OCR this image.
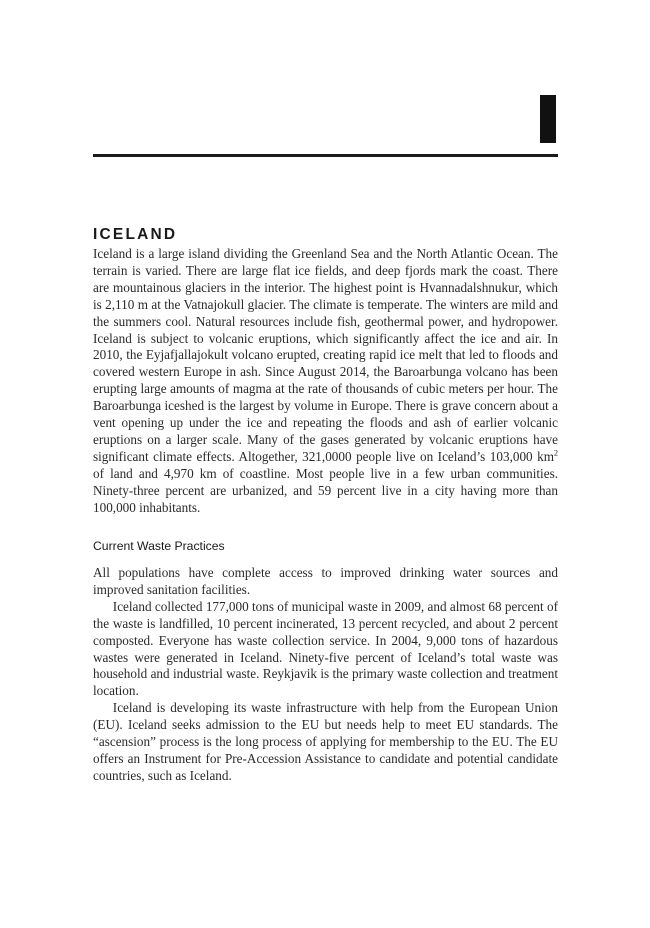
ICELAND

Iceland is a large island dividing the Greenland Sea and the North Atlantic Ocean. The terrain is varied. There are large flat ice fields, and deep fjords mark the coast. There are mountainous glaciers in the interior. The highest point is Hvannadalshnukur, which is 2,110 m at the Vatnajokull glacier. The climate is temperate. The winters are mild and the summers cool. Natural resources include fish, geothermal power, and hydropower. Iceland is subject to volcanic eruptions, which significantly affect the ice and air. In 2010, the Eyjafjallajokult volcano erupted, creating rapid ice melt that led to floods and covered western Europe in ash. Since August 2014, the Baroarbunga volcano has been erupting large amounts of magma at the rate of thousands of cubic meters per hour. The Baroarbunga iceshed is the largest by volume in Europe. There is grave concern about a vent opening up under the ice and repeating the floods and ash of earlier volcanic eruptions on a larger scale. Many of the gases generated by volcanic eruptions have significant climate effects. Altogether, 321,0000 people live on Iceland’s 103,000 $km^2$ of land and 4,970 km of coastline. Most people live in a few urban communities. Ninety-three percent are urbanized, and 59 percent live in a city having more than 100,000 inhabitants.

Current Waste Practices

All populations have complete access to improved drinking water sources and improved sanitation facilities.

Iceland collected 177,000 tons of municipal waste in 2009, and almost 68 percent of the waste is landfilled, 10 percent incinerated, 13 percent recycled, and about 2 percent composted. Everyone has waste collection service. In 2004, 9,000 tons of hazardous wastes were generated in Iceland. Ninety-five percent of Iceland’s total waste was household and industrial waste. Reykjavik is the primary waste collection and treatment location.

Iceland is developing its waste infrastructure with help from the European Union (EU). Iceland seeks admission to the EU but needs help to meet EU standards. The “ascension” process is the long process of applying for membership to the EU. The EU offers an Instrument for Pre-Accession Assistance to candidate and potential candidate countries, such as Iceland.
